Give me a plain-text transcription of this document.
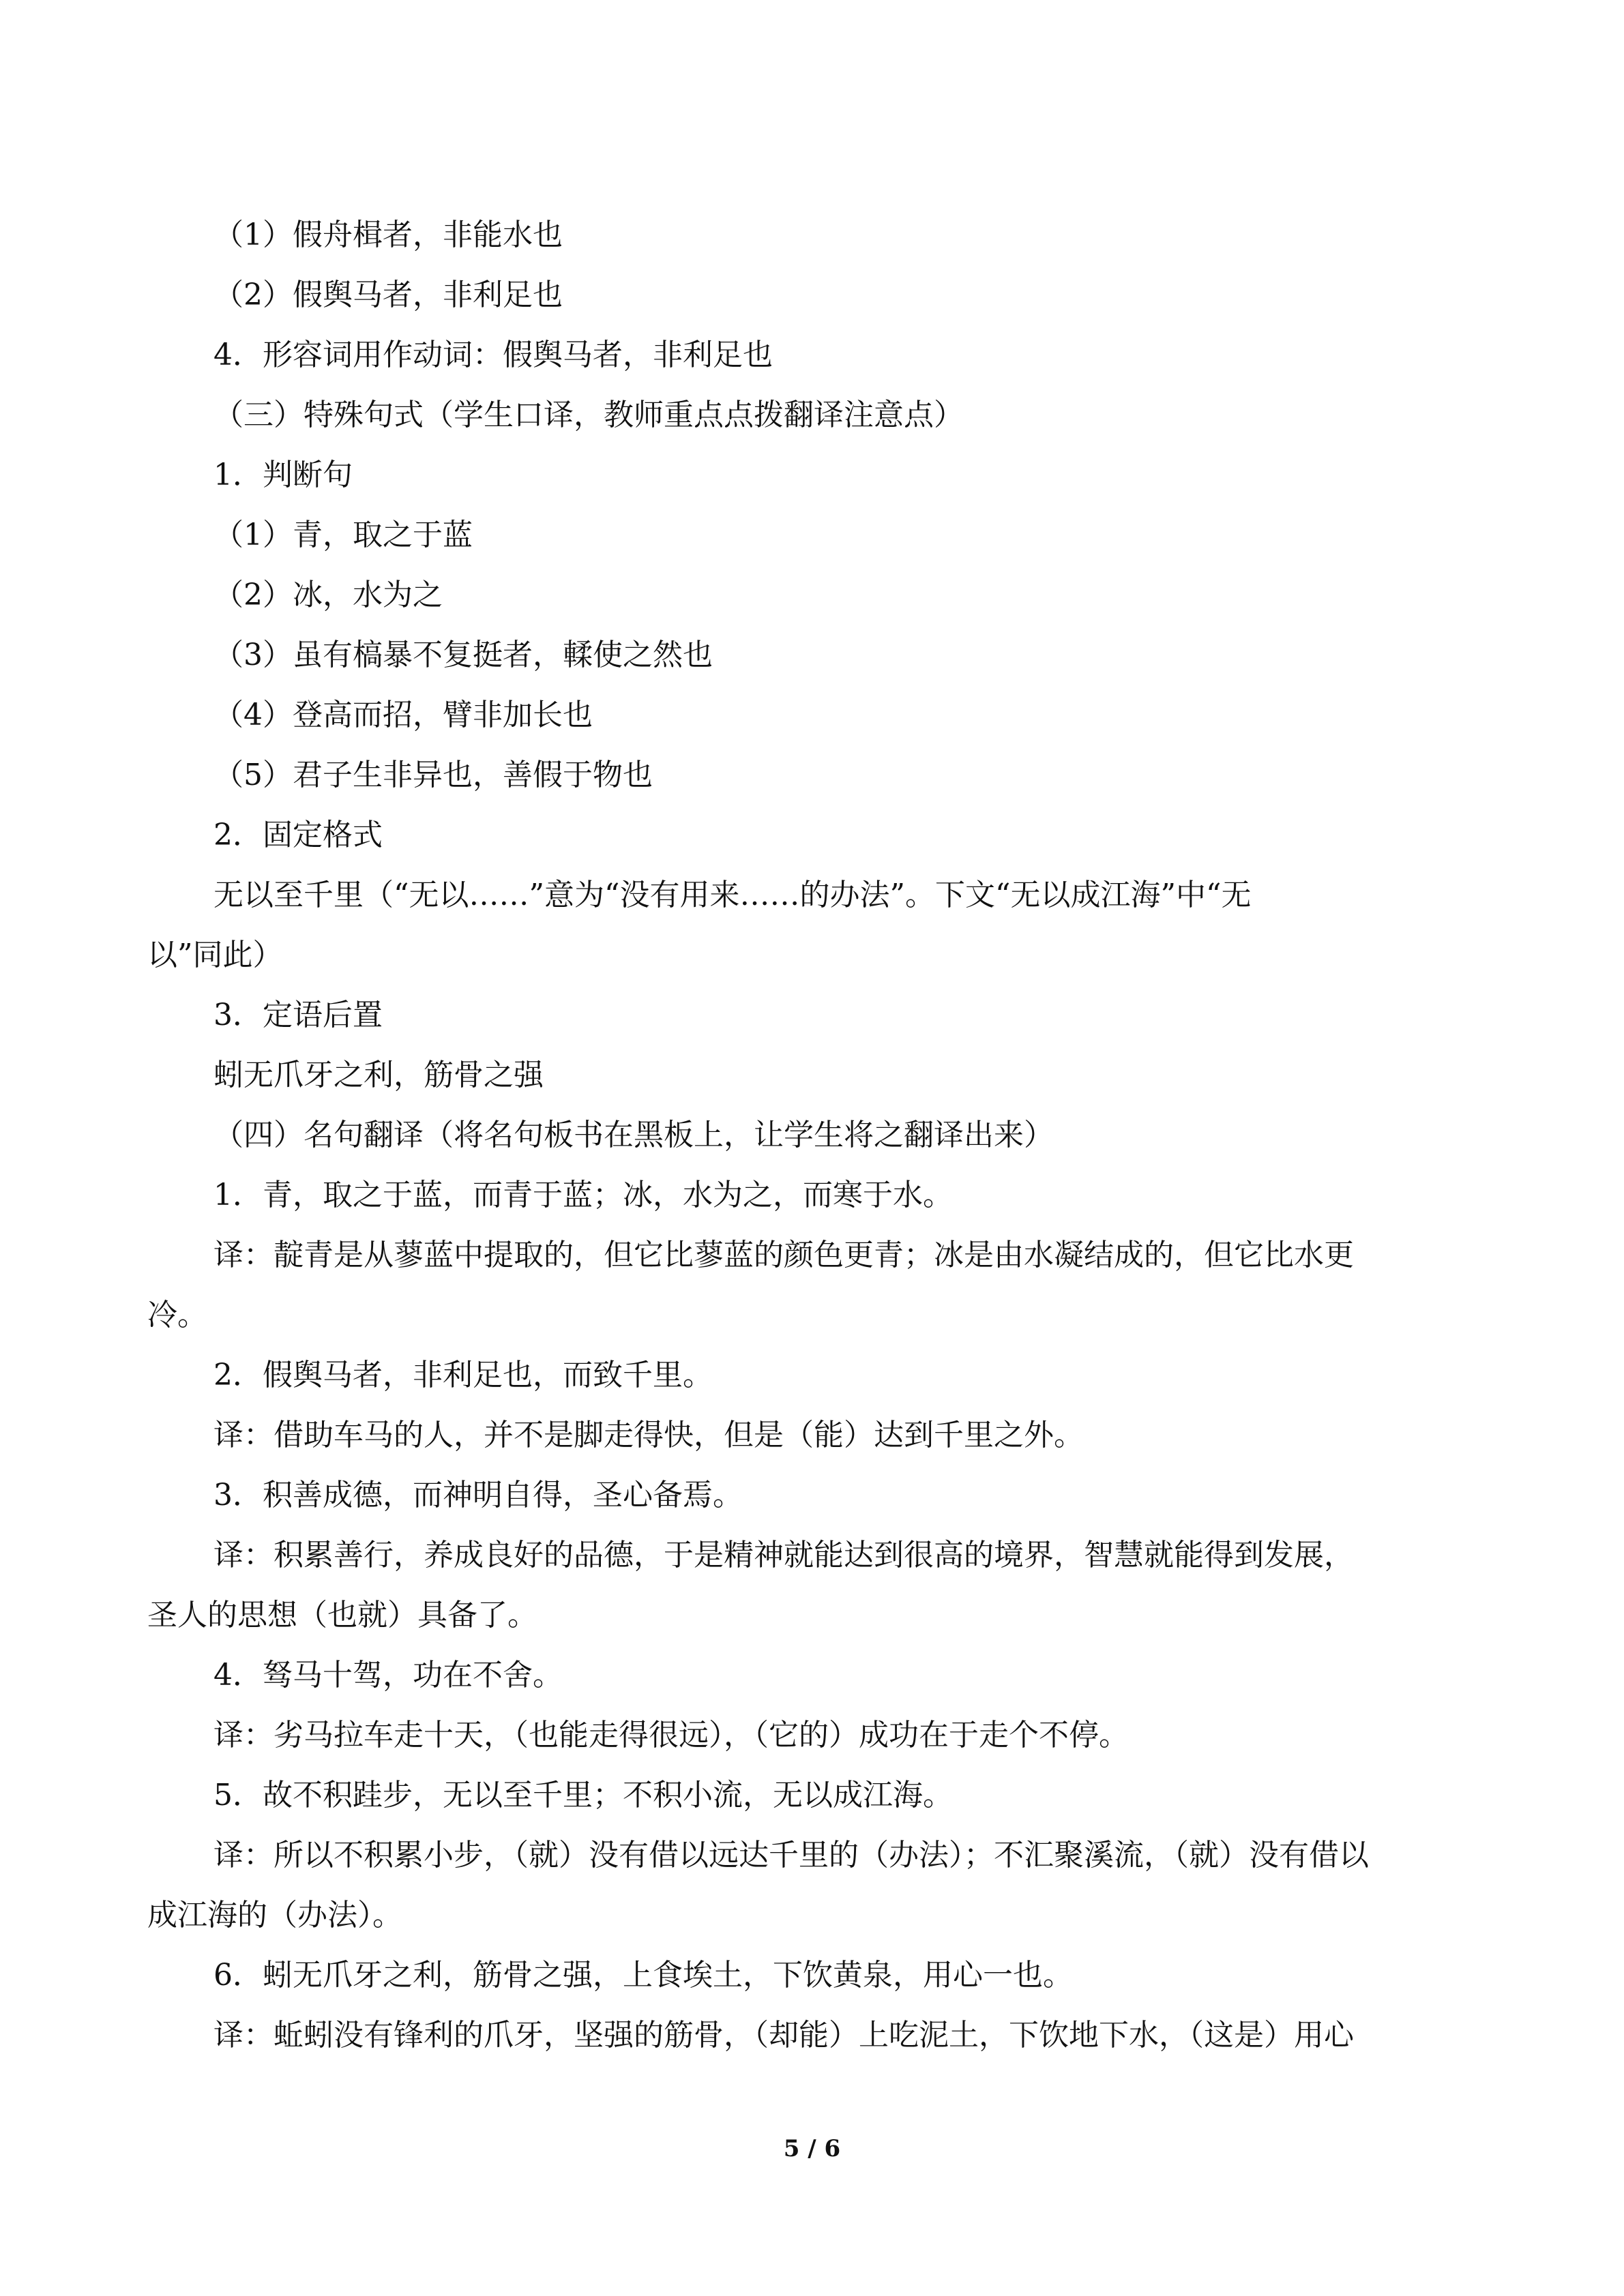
（1）假舟楫者，非能水也
（2）假舆马者，非利足也
4．形容词用作动词：假舆马者，非利足也
（三）特殊句式（学生口译，教师重点点拨翻译注意点）
1．判断句
（1）青，取之于蓝
（2）冰，水为之
（3）虽有槁暴不复挺者，輮使之然也
（4）登高而招，臂非加长也
（5）君子生非异也，善假于物也
2．固定格式
无以至千里（“无以……”意为“没有用来……的办法”。下文“无以成江海”中“无
以”同此）
3．定语后置
蚓无爪牙之利，筋骨之强
（四）名句翻译（将名句板书在黑板上，让学生将之翻译出来）
1．青，取之于蓝，而青于蓝；冰，水为之，而寒于水。
译：靛青是从蓼蓝中提取的，但它比蓼蓝的颜色更青；冰是由水凝结成的，但它比水更
冷。
2．假舆马者，非利足也，而致千里。
译：借助车马的人，并不是脚走得快，但是（能）达到千里之外。
3．积善成德，而神明自得，圣心备焉。
译：积累善行，养成良好的品德，于是精神就能达到很高的境界，智慧就能得到发展，
圣人的思想（也就）具备了。
4．驽马十驾，功在不舍。
译：劣马拉车走十天，（也能走得很远），（它的）成功在于走个不停。
5．故不积跬步，无以至千里；不积小流，无以成江海。
译：所以不积累小步，（就）没有借以远达千里的（办法）；不汇聚溪流，（就）没有借以
成江海的（办法）。
6．蚓无爪牙之利，筋骨之强，上食埃土，下饮黄泉，用心一也。
译：蚯蚓没有锋利的爪牙，坚强的筋骨，（却能）上吃泥土，下饮地下水，（这是）用心
5 / 6
